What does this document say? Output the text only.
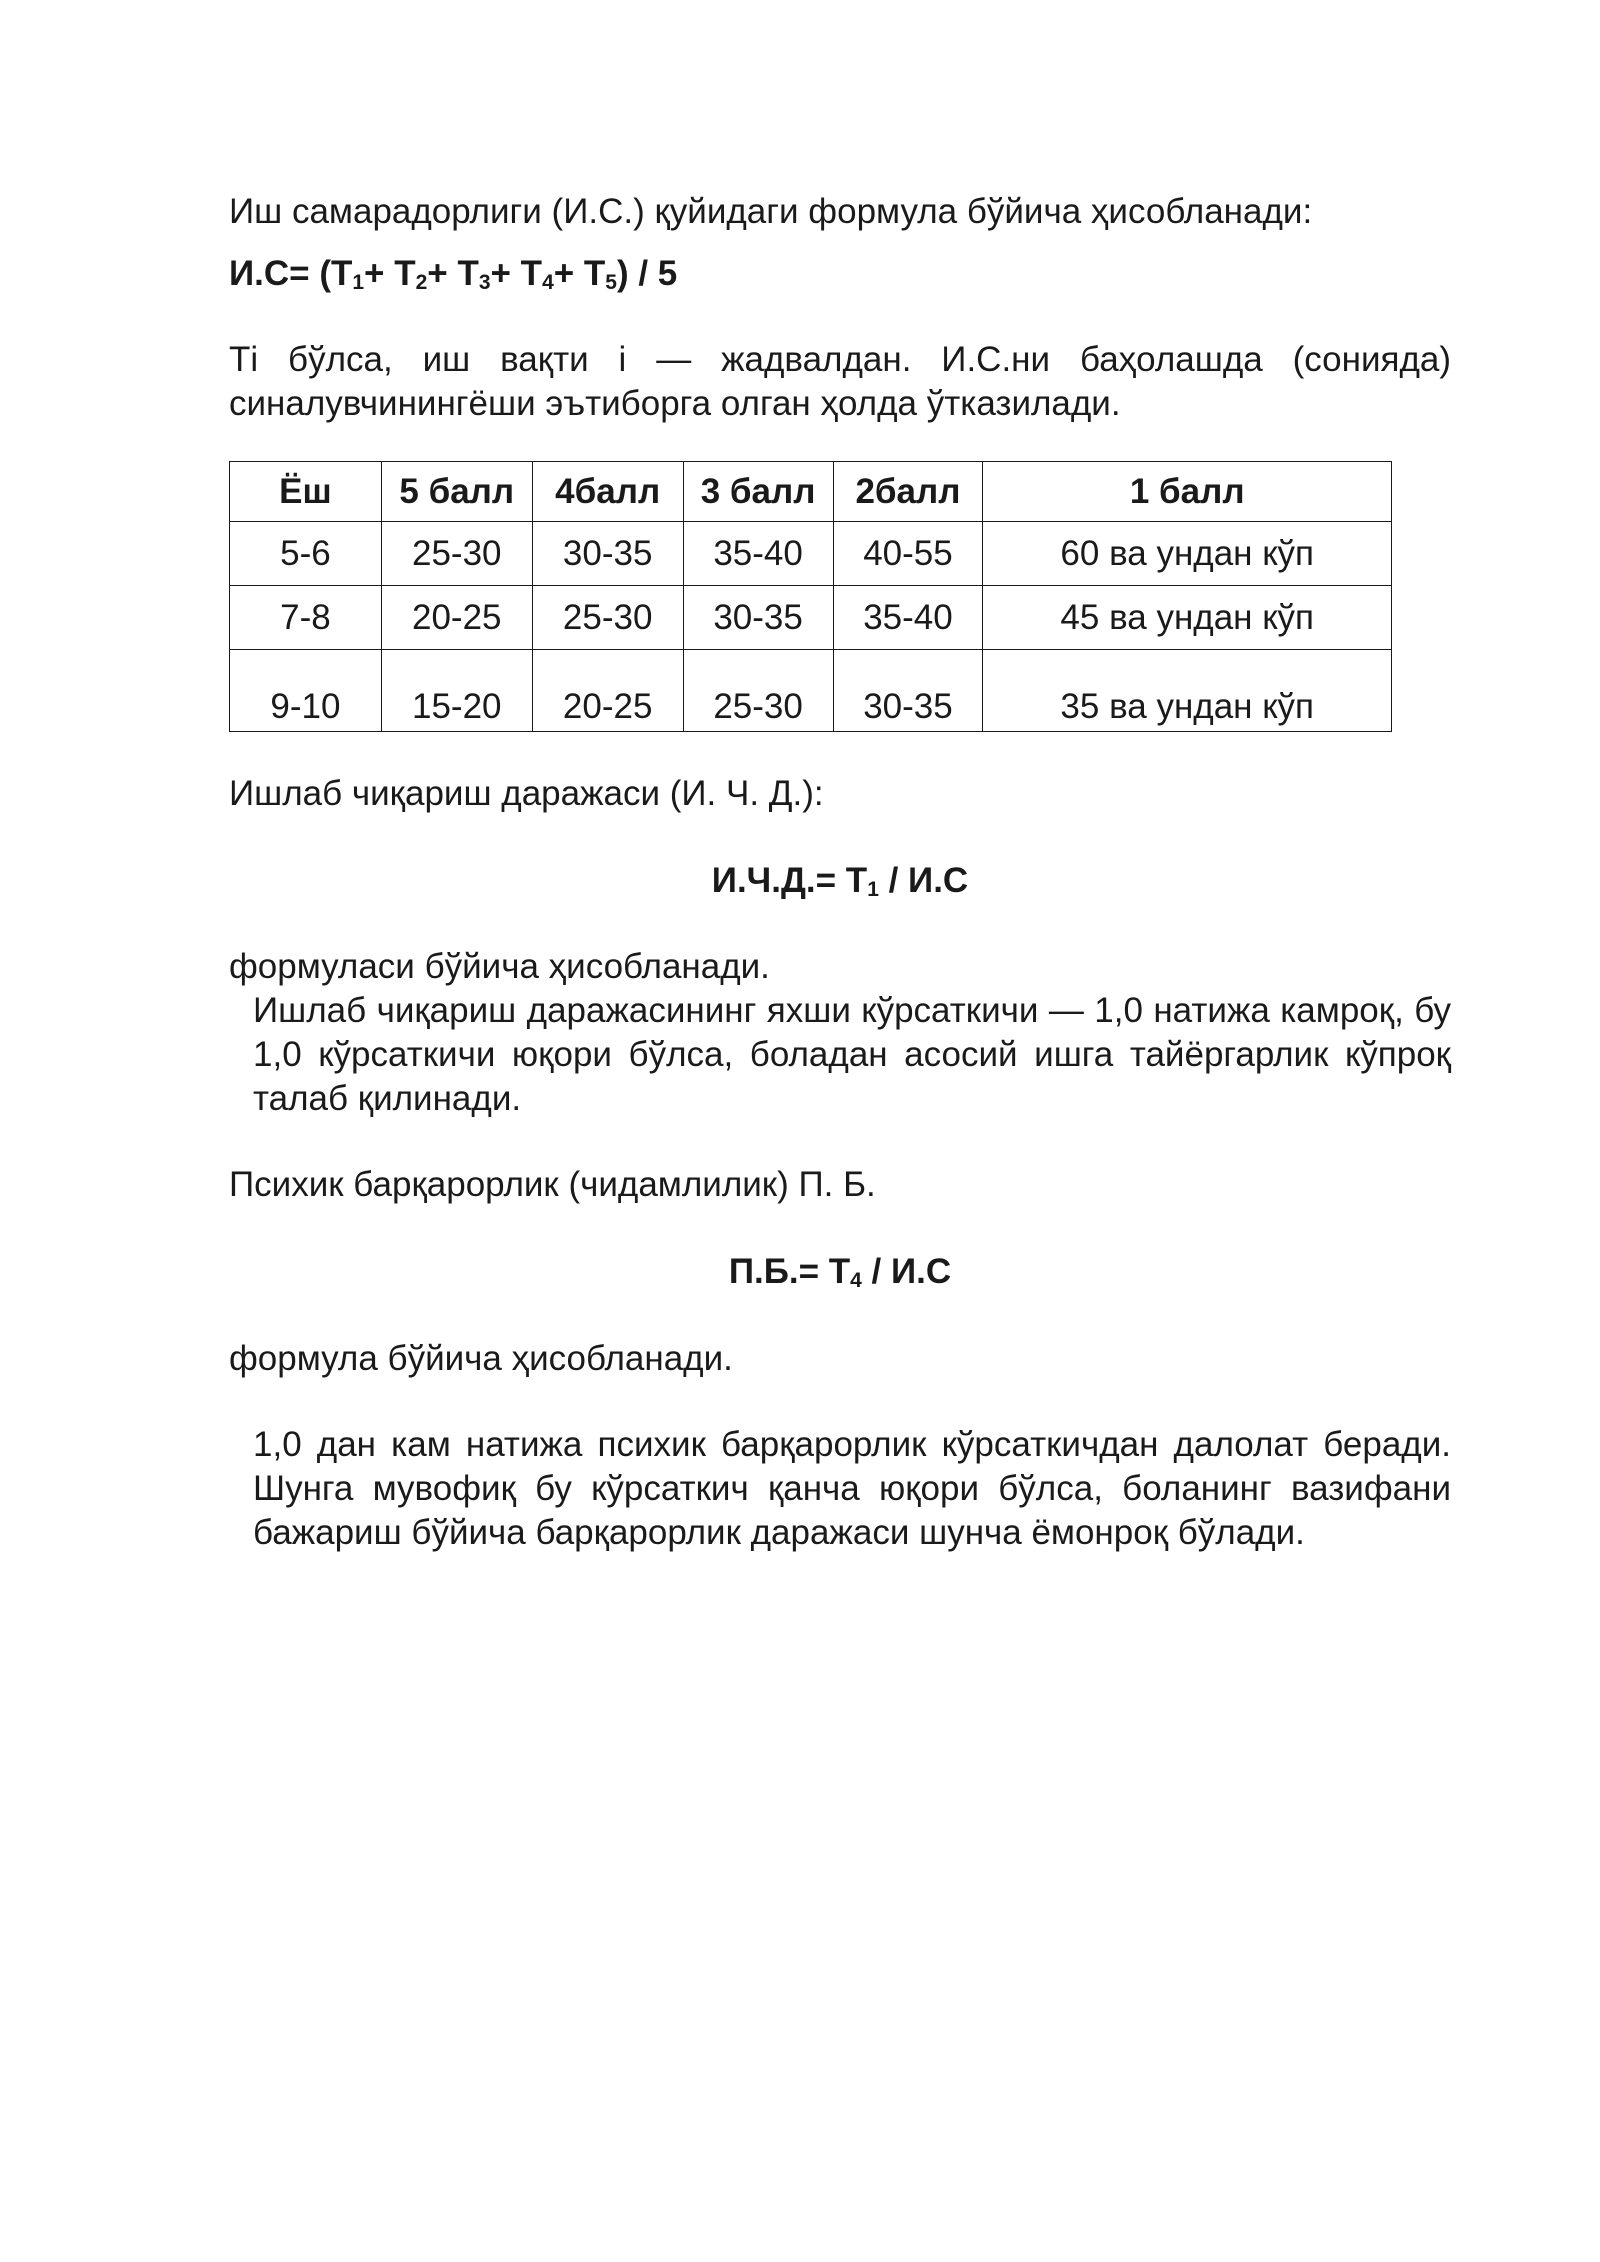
Иш самарадорлиги (И.С.) қуйидаги формула бўйича ҳисобланади:

$И.С= (Т_1+ Т_2+ Т_3+ Т_4+ Т_5) / 5$

Ті бўлса, иш вақти і — жадвалдан. И.С.ни баҳолашда (сонияда) синалувчинингёши эътиборга олган ҳолда ўтказилади.

Ёш	5 балл	4балл	3 балл	2балл	1 балл
5-6	25-30	30-35	35-40	40-55	60 ва ундан кўп
7-8	20-25	25-30	30-35	35-40	45 ва ундан кўп
9-10	15-20	20-25	25-30	30-35	35 ва ундан кўп

Ишлаб чиқариш даражаси (И. Ч. Д.):

$И.Ч.Д.= Т_1 / И.С$

формуласи бўйича ҳисобланади.

Ишлаб чиқариш даражасининг яхши кўрсаткичи — 1,0 натижа камроқ, бу 1,0 кўрсаткичи юқори бўлса, боладан асосий ишга тайёргарлик кўпроқ талаб қилинади.

Психик барқарорлик (чидамлилик) П. Б.

$П.Б.= Т_4 / И.С$

формула бўйича ҳисобланади.

1,0 дан кам натижа психик барқарорлик кўрсаткичдан далолат беради. Шунга мувофиқ бу кўрсаткич қанча юқори бўлса, боланинг вазифани бажариш бўйича барқарорлик даражаси шунча ёмонроқ бўлади.
